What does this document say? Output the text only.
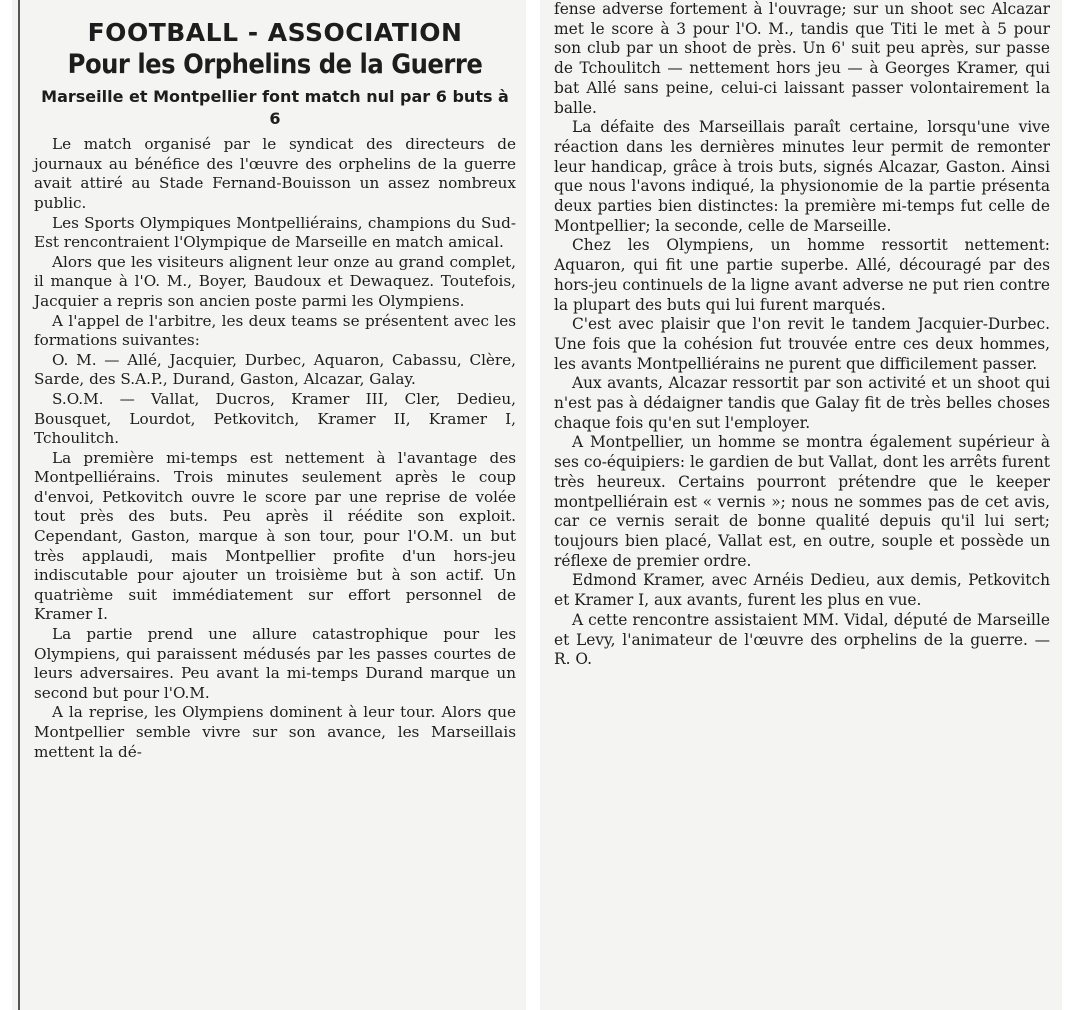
FOOTBALL - ASSOCIATION
Pour les Orphelins de la Guerre
Marseille et Montpellier font match nul par 6 buts à 6

Le match organisé par le syndicat des directeurs de journaux au bénéfice des l'œuvre des orphelins de la guerre avait attiré au Stade Fernand-Bouisson un assez nombreux public.

Les Sports Olympiques Montpelliérains, champions du Sud-Est rencontraient l'Olympique de Marseille en match amical.

Alors que les visiteurs alignent leur onze au grand complet, il manque à l'O. M., Boyer, Baudoux et Dewaquez. Toutefois, Jacquier a repris son ancien poste parmi les Olympiens.

A l'appel de l'arbitre, les deux teams se présentent avec les formations suivantes:

O. M. — Allé, Jacquier, Durbec, Aquaron, Cabassu, Clère, Sarde, des S.A.P., Durand, Gaston, Alcazar, Galay.

S.O.M. — Vallat, Ducros, Kramer III, Cler, Dedieu, Bousquet, Lourdot, Petkovitch, Kramer II, Kramer I, Tchoulitch.

La première mi-temps est nettement à l'avantage des Montpelliérains. Trois minutes seulement après le coup d'envoi, Petkovitch ouvre le score par une reprise de volée tout près des buts. Peu après il réédite son exploit. Cependant, Gaston, marque à son tour, pour l'O.M. un but très applaudi, mais Montpellier profite d'un hors-jeu indiscutable pour ajouter un troisième but à son actif. Un quatrième suit immédiatement sur effort personnel de Kramer I.

La partie prend une allure catastrophique pour les Olympiens, qui paraissent médusés par les passes courtes de leurs adversaires. Peu avant la mi-temps Durand marque un second but pour l'O.M.

A la reprise, les Olympiens dominent à leur tour. Alors que Montpellier semble vivre sur son avance, les Marseillais mettent la dé-

fense adverse fortement à l'ouvrage; sur un shoot sec Alcazar met le score à 3 pour l'O. M., tandis que Titi le met à 5 pour son club par un shoot de près. Un 6' suit peu après, sur passe de Tchoulitch — nettement hors jeu — à Georges Kramer, qui bat Allé sans peine, celui-ci laissant passer volontairement la balle.

La défaite des Marseillais paraît certaine, lorsqu'une vive réaction dans les dernières minutes leur permit de remonter leur handicap, grâce à trois buts, signés Alcazar, Gaston. Ainsi que nous l'avons indiqué, la physionomie de la partie présenta deux parties bien distinctes: la première mi-temps fut celle de Montpellier; la seconde, celle de Marseille.

Chez les Olympiens, un homme ressortit nettement: Aquaron, qui fit une partie superbe. Allé, découragé par des hors-jeu continuels de la ligne avant adverse ne put rien contre la plupart des buts qui lui furent marqués.

C'est avec plaisir que l'on revit le tandem Jacquier-Durbec. Une fois que la cohésion fut trouvée entre ces deux hommes, les avants Montpelliérains ne purent que difficilement passer.

Aux avants, Alcazar ressortit par son activité et un shoot qui n'est pas à dédaigner tandis que Galay fit de très belles choses chaque fois qu'en sut l'employer.

A Montpellier, un homme se montra également supérieur à ses co-équipiers: le gardien de but Vallat, dont les arrêts furent très heureux. Certains pourront prétendre que le keeper montpelliérain est « vernis »; nous ne sommes pas de cet avis, car ce vernis serait de bonne qualité depuis qu'il lui sert; toujours bien placé, Vallat est, en outre, souple et possède un réflexe de premier ordre.

Edmond Kramer, avec Arnéis Dedieu, aux demis, Petkovitch et Kramer I, aux avants, furent les plus en vue.

A cette rencontre assistaient MM. Vidal, député de Marseille et Levy, l'animateur de l'œuvre des orphelins de la guerre. — R. O.
